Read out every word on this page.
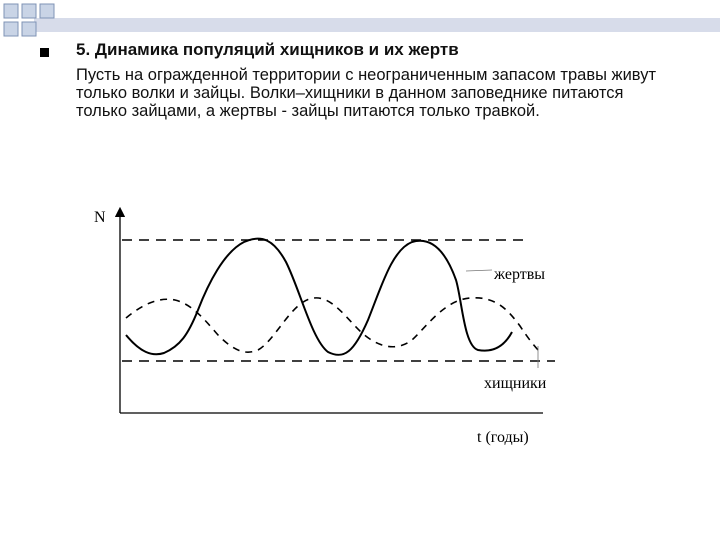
5. Динамика популяций хищников и их жертв
Пусть на огражденной территории с неограниченным запасом травы живут только волки и зайцы. Волки–хищники в данном заповеднике питаются только зайцами, а жертвы - зайцы питаются только травкой.
N
жертвы
хищники
t (годы)
